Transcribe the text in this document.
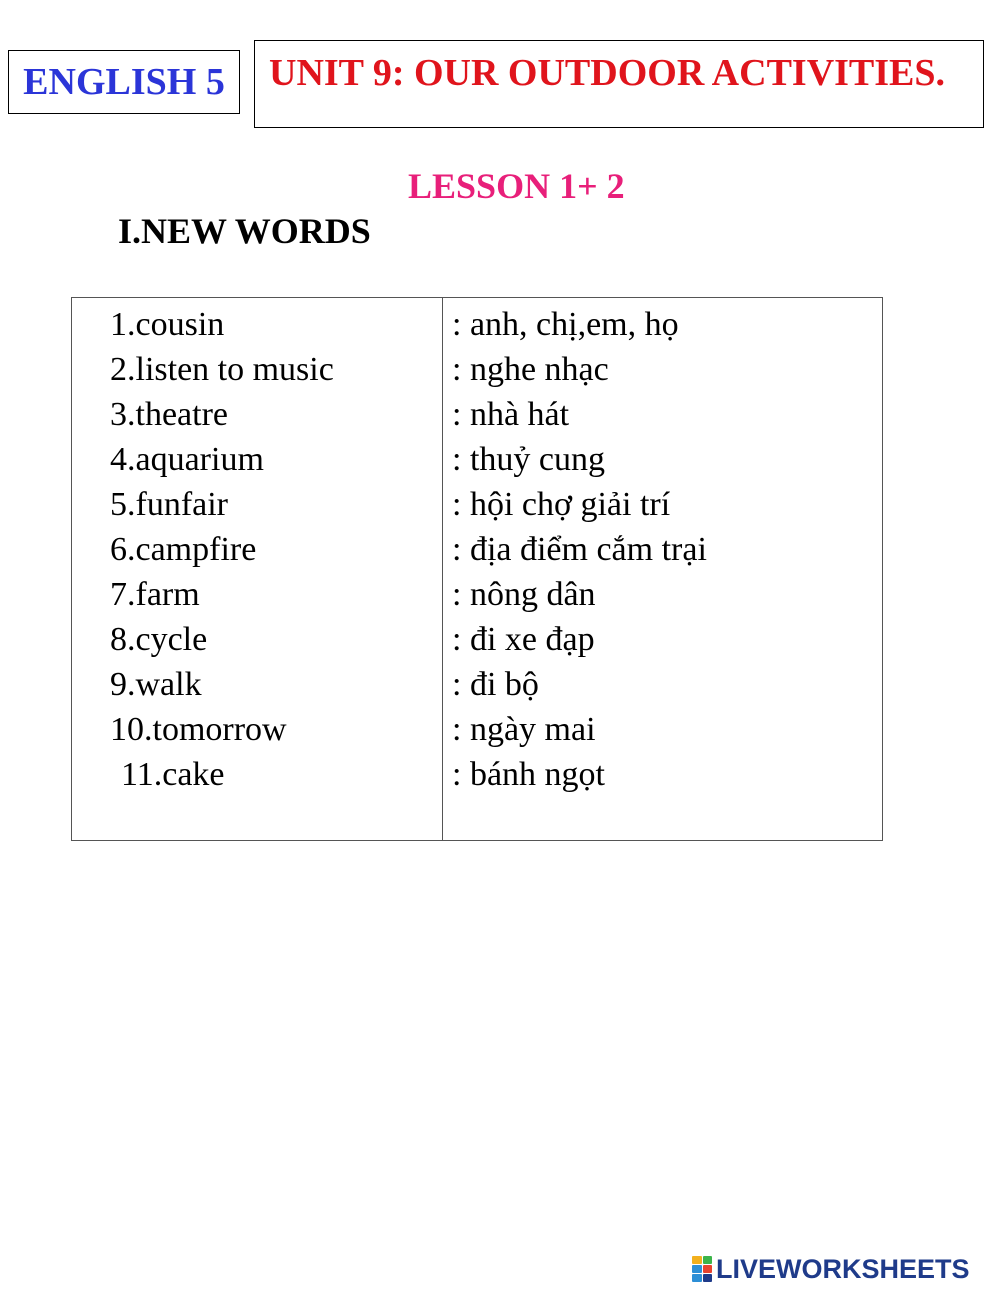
ENGLISH 5	UNIT 9: OUR OUTDOOR ACTIVITIES.
LESSON 1+ 2
I.NEW WORDS
1.cousin	: anh, chị,em, họ
2.listen to music	: nghe nhạc
3.theatre	: nhà hát
4.aquarium	: thuỷ cung
5.funfair	: hội chợ giải trí
6.campfire	: địa điểm cắm trại
7.farm	: nông dân
8.cycle	: đi xe đạp
9.walk	: đi bộ
10.tomorrow	: ngày mai
11.cake	: bánh ngọt
LIVEWORKSHEETS
